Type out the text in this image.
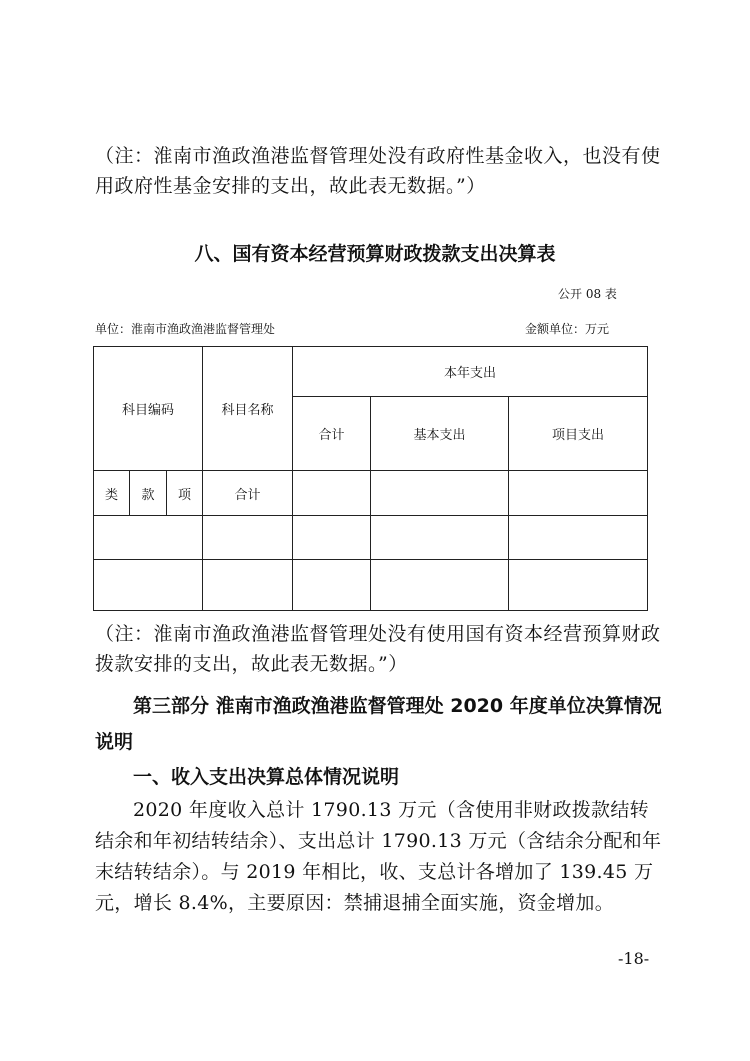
（注：淮南市渔政渔港监督管理处没有政府性基金收入，也没有使用政府性基金安排的支出，故此表无数据。”）
八、国有资本经营预算财政拨款支出决算表
公开 08 表
单位：淮南市渔政渔港监督管理处	金额单位：万元
科目编码			科目名称	本年支出		
				合计	基本支出	项目支出
类	款	项	合计			

（注：淮南市渔政渔港监督管理处没有使用国有资本经营预算财政拨款安排的支出，故此表无数据。”）
第三部分 淮南市渔政渔港监督管理处 2020 年度单位决算情况说明
一、收入支出决算总体情况说明
2020 年度收入总计 1790.13 万元（含使用非财政拨款结转结余和年初结转结余）、支出总计 1790.13 万元（含结余分配和年末结转结余）。与 2019 年相比，收、支总计各增加了 139.45 万元，增长 8.4%，主要原因：禁捕退捕全面实施，资金增加。
-18-
